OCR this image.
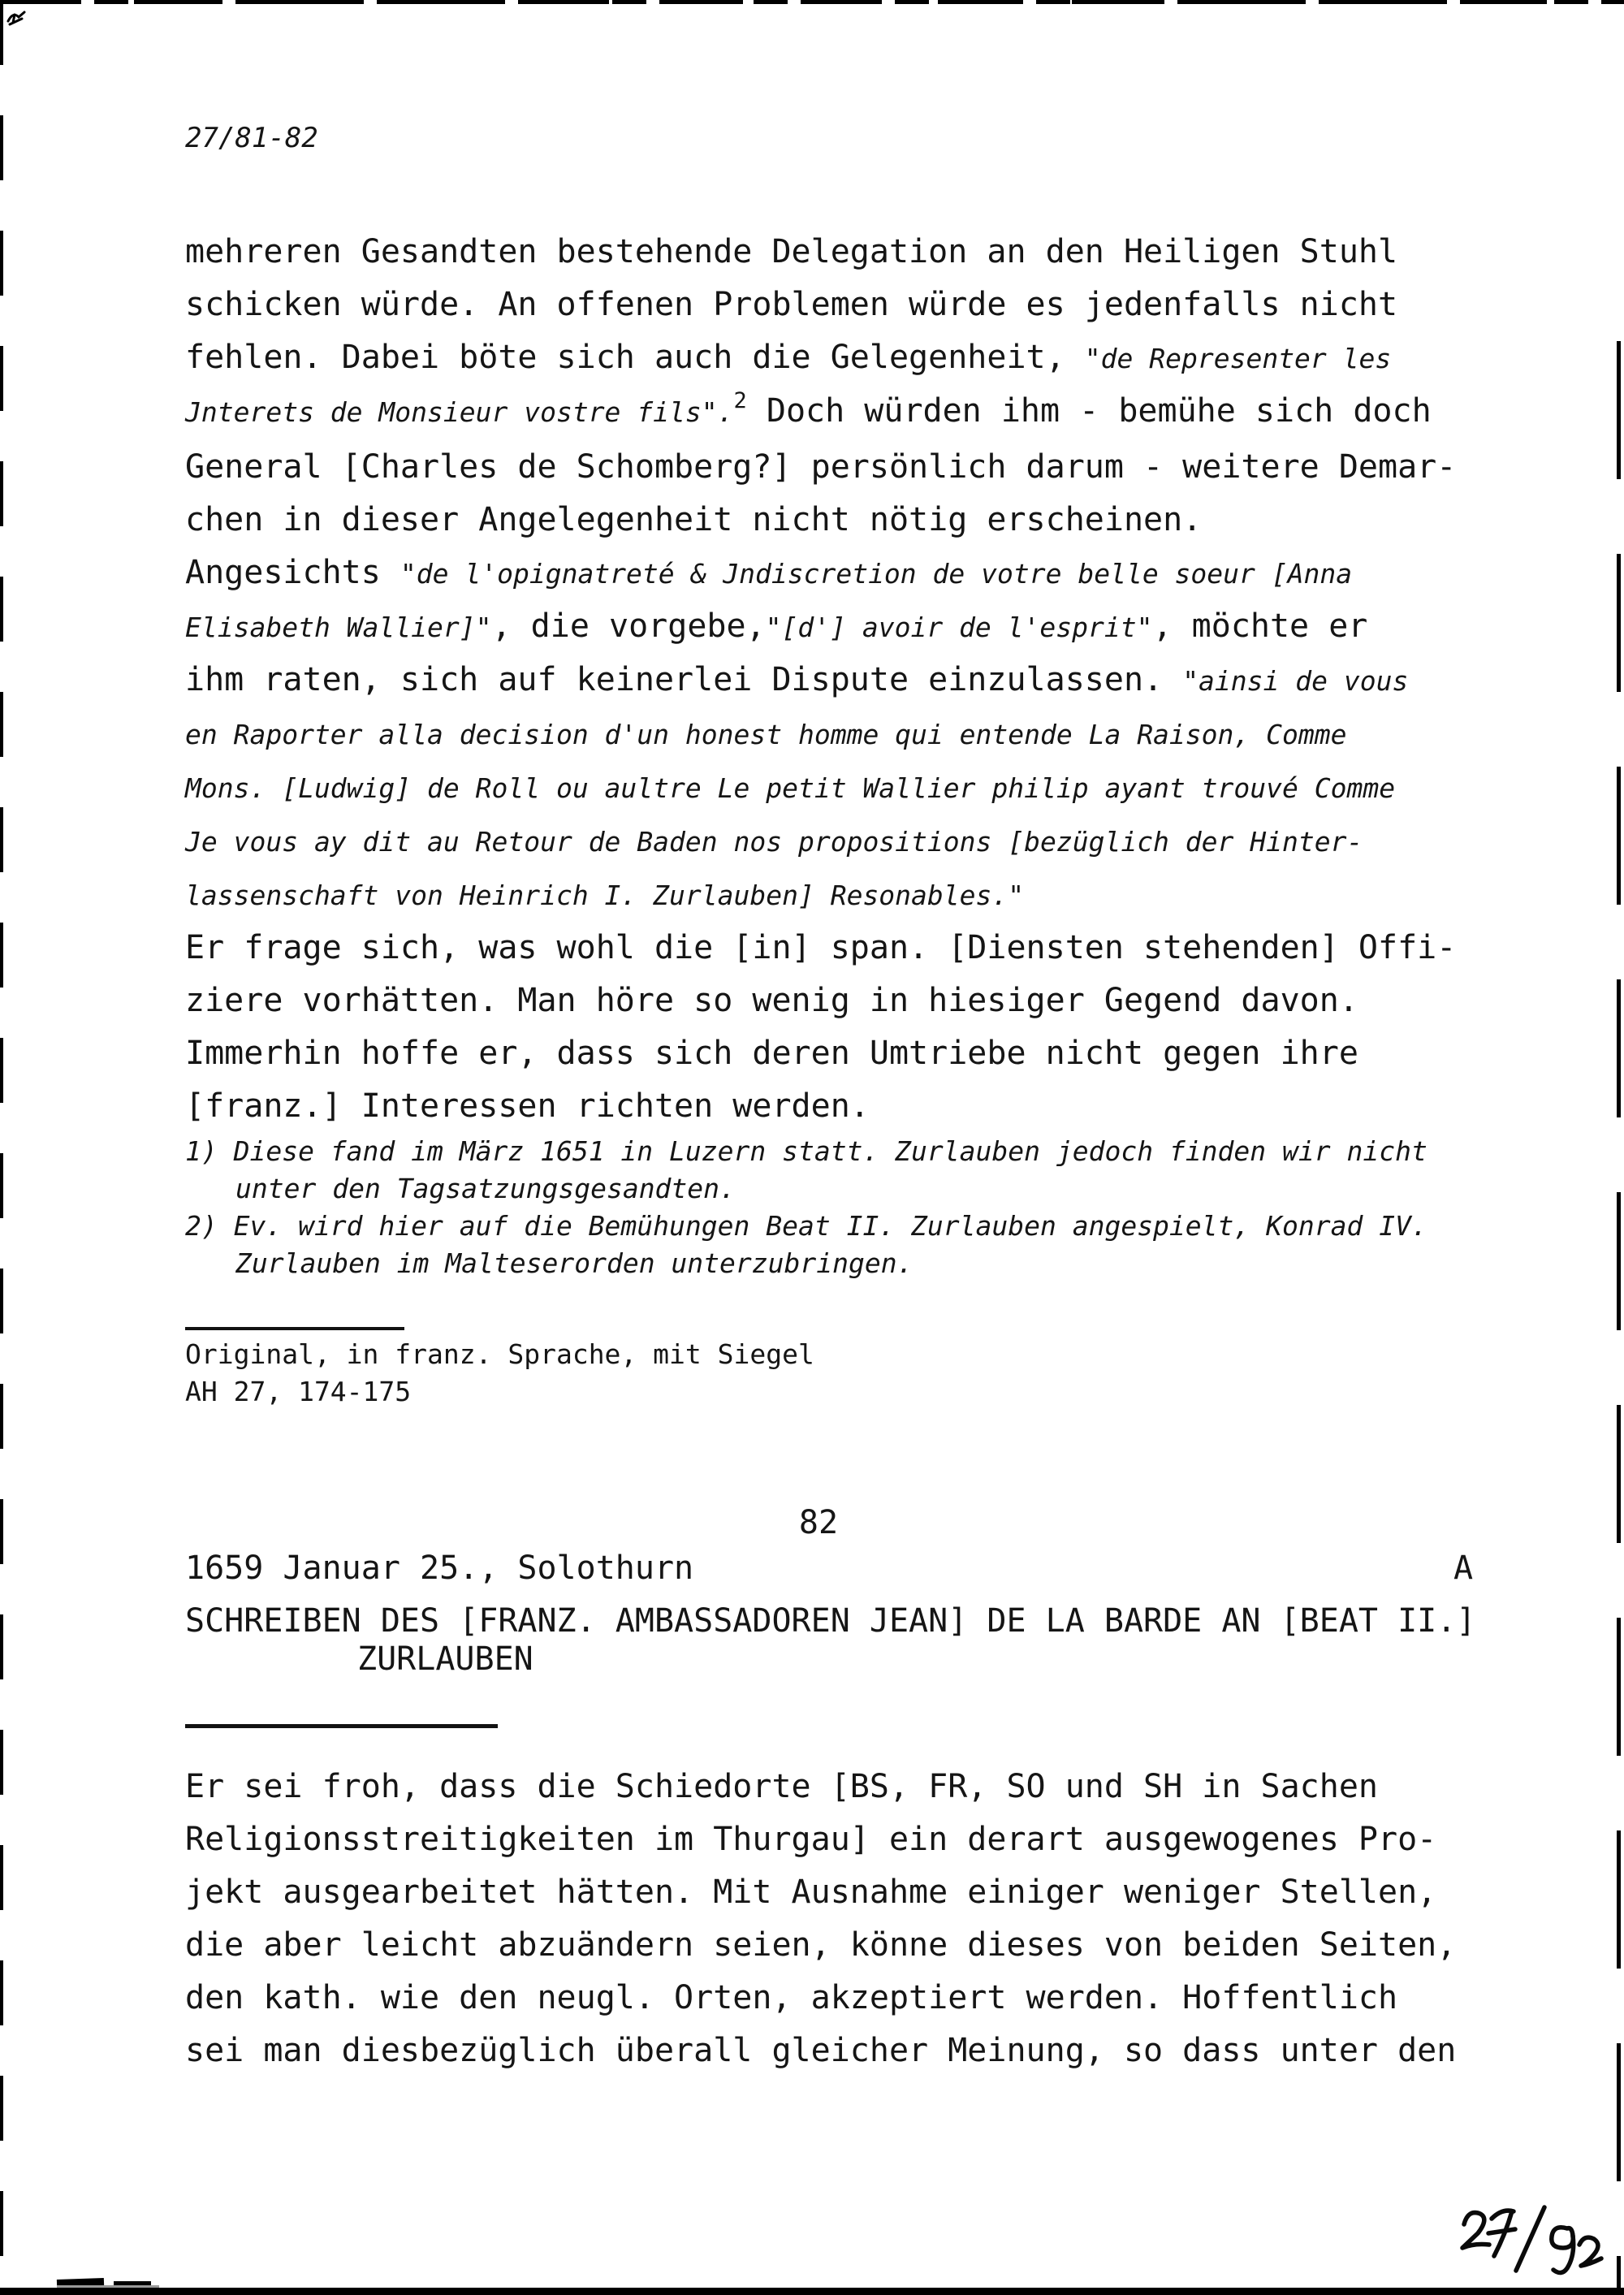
27/81-82
mehreren Gesandten bestehende Delegation an den Heiligen Stuhl
schicken würde. An offenen Problemen würde es jedenfalls nicht
fehlen. Dabei böte sich auch die Gelegenheit, "de Representer les
Jnterets de Monsieur vostre fils".$^2$ Doch würden ihm - bemühe sich doch
General [Charles de Schomberg?] persönlich darum - weitere Demar-
chen in dieser Angelegenheit nicht nötig erscheinen.
Angesichts "de l'opignatreté & Jndiscretion de votre belle soeur [Anna
Elisabeth Wallier]", die vorgebe,"[d'] avoir de l'esprit", möchte er
ihm raten, sich auf keinerlei Dispute einzulassen. "ainsi de vous
en Raporter alla decision d'un honest homme qui entende La Raison, Comme
Mons. [Ludwig] de Roll ou aultre Le petit Wallier philip ayant trouvé Comme
Je vous ay dit au Retour de Baden nos propositions [bezüglich der Hinter-
lassenschaft von Heinrich I. Zurlauben] Resonables."
Er frage sich, was wohl die [in] span. [Diensten stehenden] Offi-
ziere vorhätten. Man höre so wenig in hiesiger Gegend davon.
Immerhin hoffe er, dass sich deren Umtriebe nicht gegen ihre
[franz.] Interessen richten werden.
1) Diese fand im März 1651 in Luzern statt. Zurlauben jedoch finden wir nicht
unter den Tagsatzungsgesandten.
2) Ev. wird hier auf die Bemühungen Beat II. Zurlauben angespielt, Konrad IV.
Zurlauben im Malteserorden unterzubringen.
Original, in franz. Sprache, mit Siegel
AH 27, 174-175
82
1659 Januar 25., Solothurn	A
SCHREIBEN DES [FRANZ. AMBASSADOREN JEAN] DE LA BARDE AN [BEAT II.]
ZURLAUBEN
Er sei froh, dass die Schiedorte [BS, FR, SO und SH in Sachen
Religionsstreitigkeiten im Thurgau] ein derart ausgewogenes Pro-
jekt ausgearbeitet hätten. Mit Ausnahme einiger weniger Stellen,
die aber leicht abzuändern seien, könne dieses von beiden Seiten,
den kath. wie den neugl. Orten, akzeptiert werden. Hoffentlich
sei man diesbezüglich überall gleicher Meinung, so dass unter den
